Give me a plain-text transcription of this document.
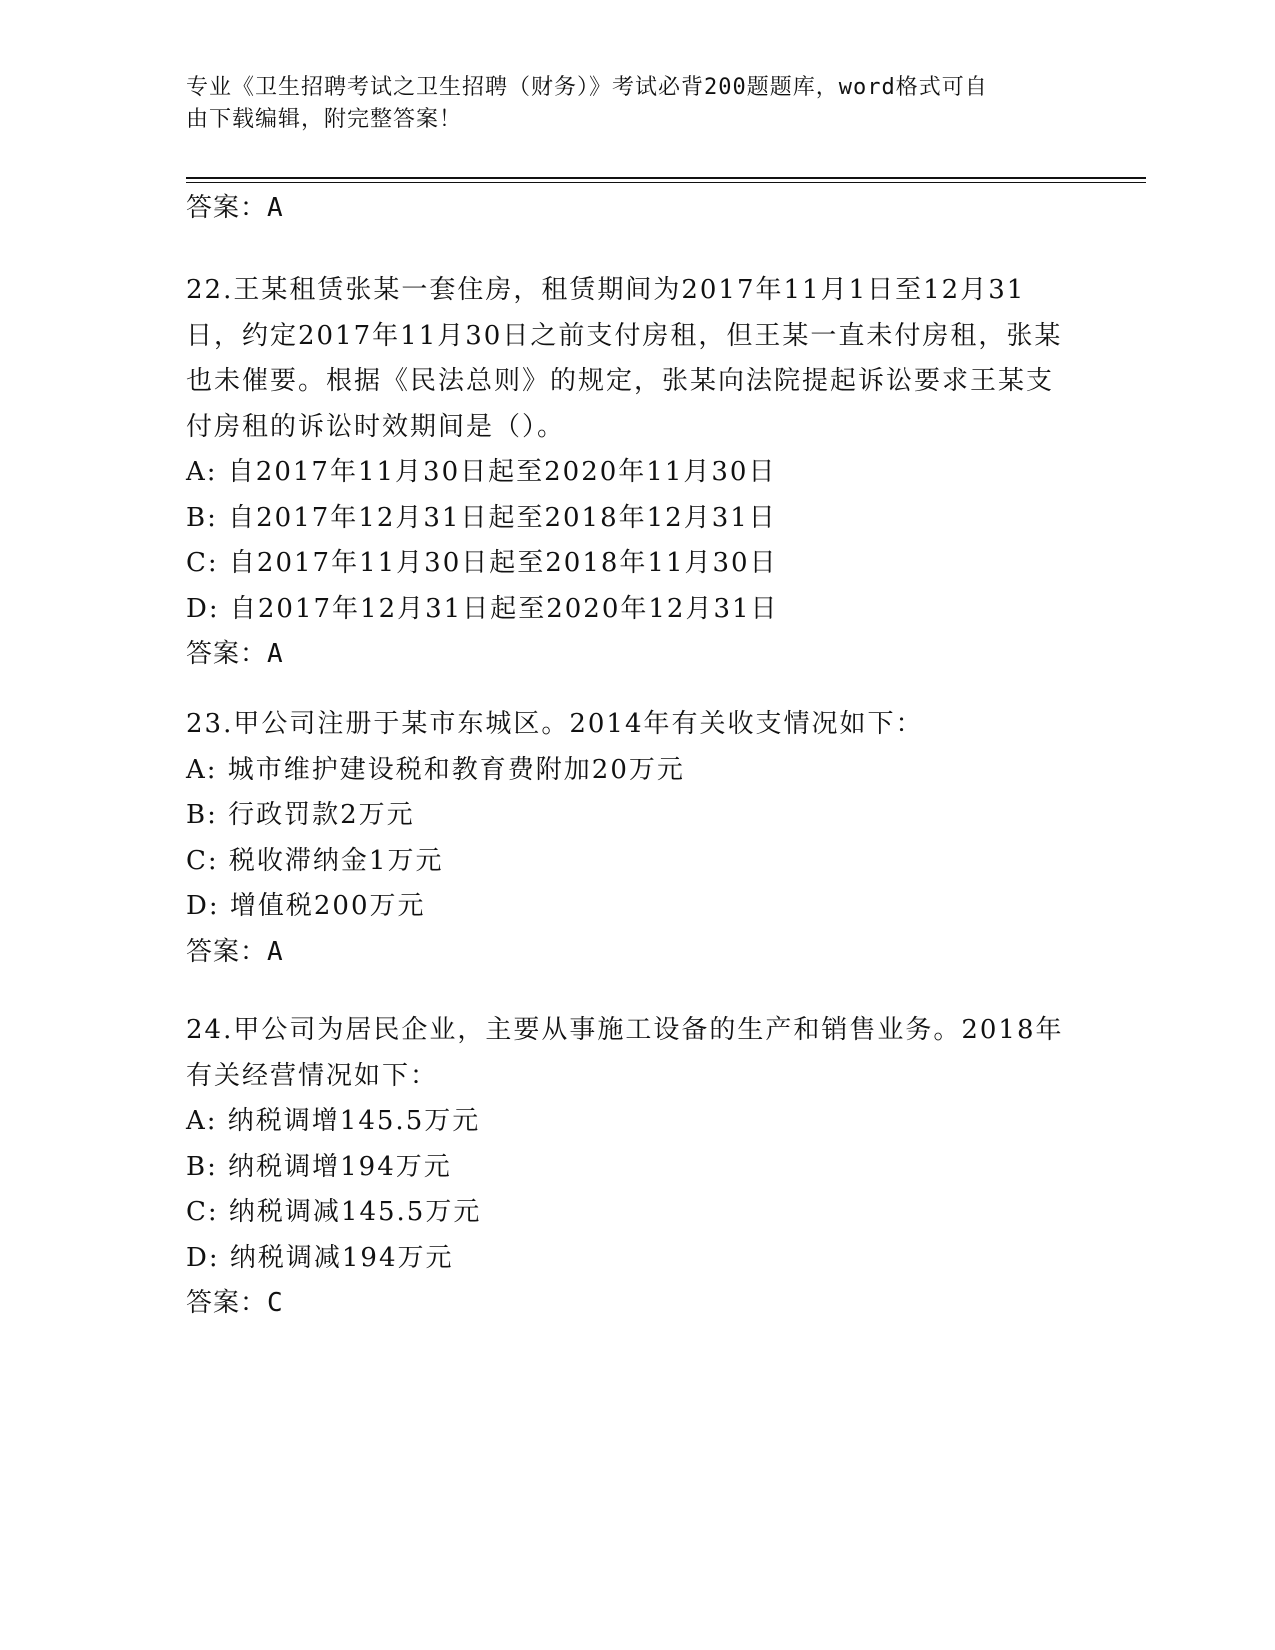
专业《卫生招聘考试之卫生招聘（财务）》考试必背200题题库，word格式可自
由下载编辑，附完整答案！
答案：A

22.王某租赁张某一套住房，租赁期间为2017年11月1日至12月31日，约定2017年11月30日之前支付房租，但王某一直未付房租，张某也未催要。根据《民法总则》的规定，张某向法院提起诉讼要求王某支付房租的诉讼时效期间是（）。

A: 自2017年11月30日起至2020年11月30日
B: 自2017年12月31日起至2018年12月31日
C: 自2017年11月30日起至2018年11月30日
D: 自2017年12月31日起至2020年12月31日
答案：A

23.甲公司注册于某市东城区。2014年有关收支情况如下：

A: 城市维护建设税和教育费附加20万元
B: 行政罚款2万元
C: 税收滞纳金1万元
D: 增值税200万元
答案：A

24.甲公司为居民企业，主要从事施工设备的生产和销售业务。2018年有关经营情况如下：

A: 纳税调增145.5万元
B: 纳税调增194万元
C: 纳税调减145.5万元
D: 纳税调减194万元
答案：C
